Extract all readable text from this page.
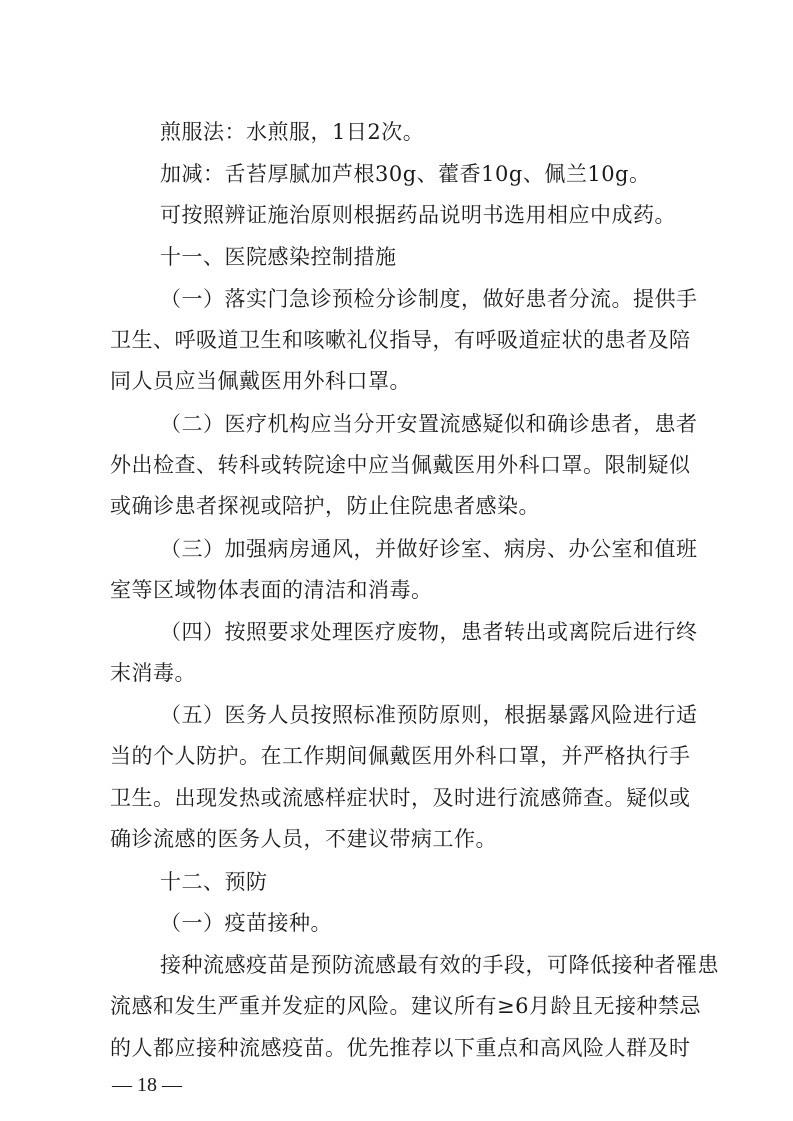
煎服法：水煎服，1日2次。
加减：舌苔厚腻加芦根30g、藿香10g、佩兰10g。
可按照辨证施治原则根据药品说明书选用相应中成药。
十一、医院感染控制措施
（一）落实门急诊预检分诊制度，做好患者分流。提供手
卫生、呼吸道卫生和咳嗽礼仪指导，有呼吸道症状的患者及陪
同人员应当佩戴医用外科口罩。
（二）医疗机构应当分开安置流感疑似和确诊患者，患者
外出检查、转科或转院途中应当佩戴医用外科口罩。限制疑似
或确诊患者探视或陪护，防止住院患者感染。
（三）加强病房通风，并做好诊室、病房、办公室和值班
室等区域物体表面的清洁和消毒。
（四）按照要求处理医疗废物，患者转出或离院后进行终
末消毒。
（五）医务人员按照标准预防原则，根据暴露风险进行适
当的个人防护。在工作期间佩戴医用外科口罩，并严格执行手
卫生。出现发热或流感样症状时，及时进行流感筛查。疑似或
确诊流感的医务人员，不建议带病工作。
十二、预防
（一）疫苗接种。
接种流感疫苗是预防流感最有效的手段，可降低接种者罹患
流感和发生严重并发症的风险。建议所有≥6月龄且无接种禁忌
的人都应接种流感疫苗。优先推荐以下重点和高风险人群及时
— 18 —
